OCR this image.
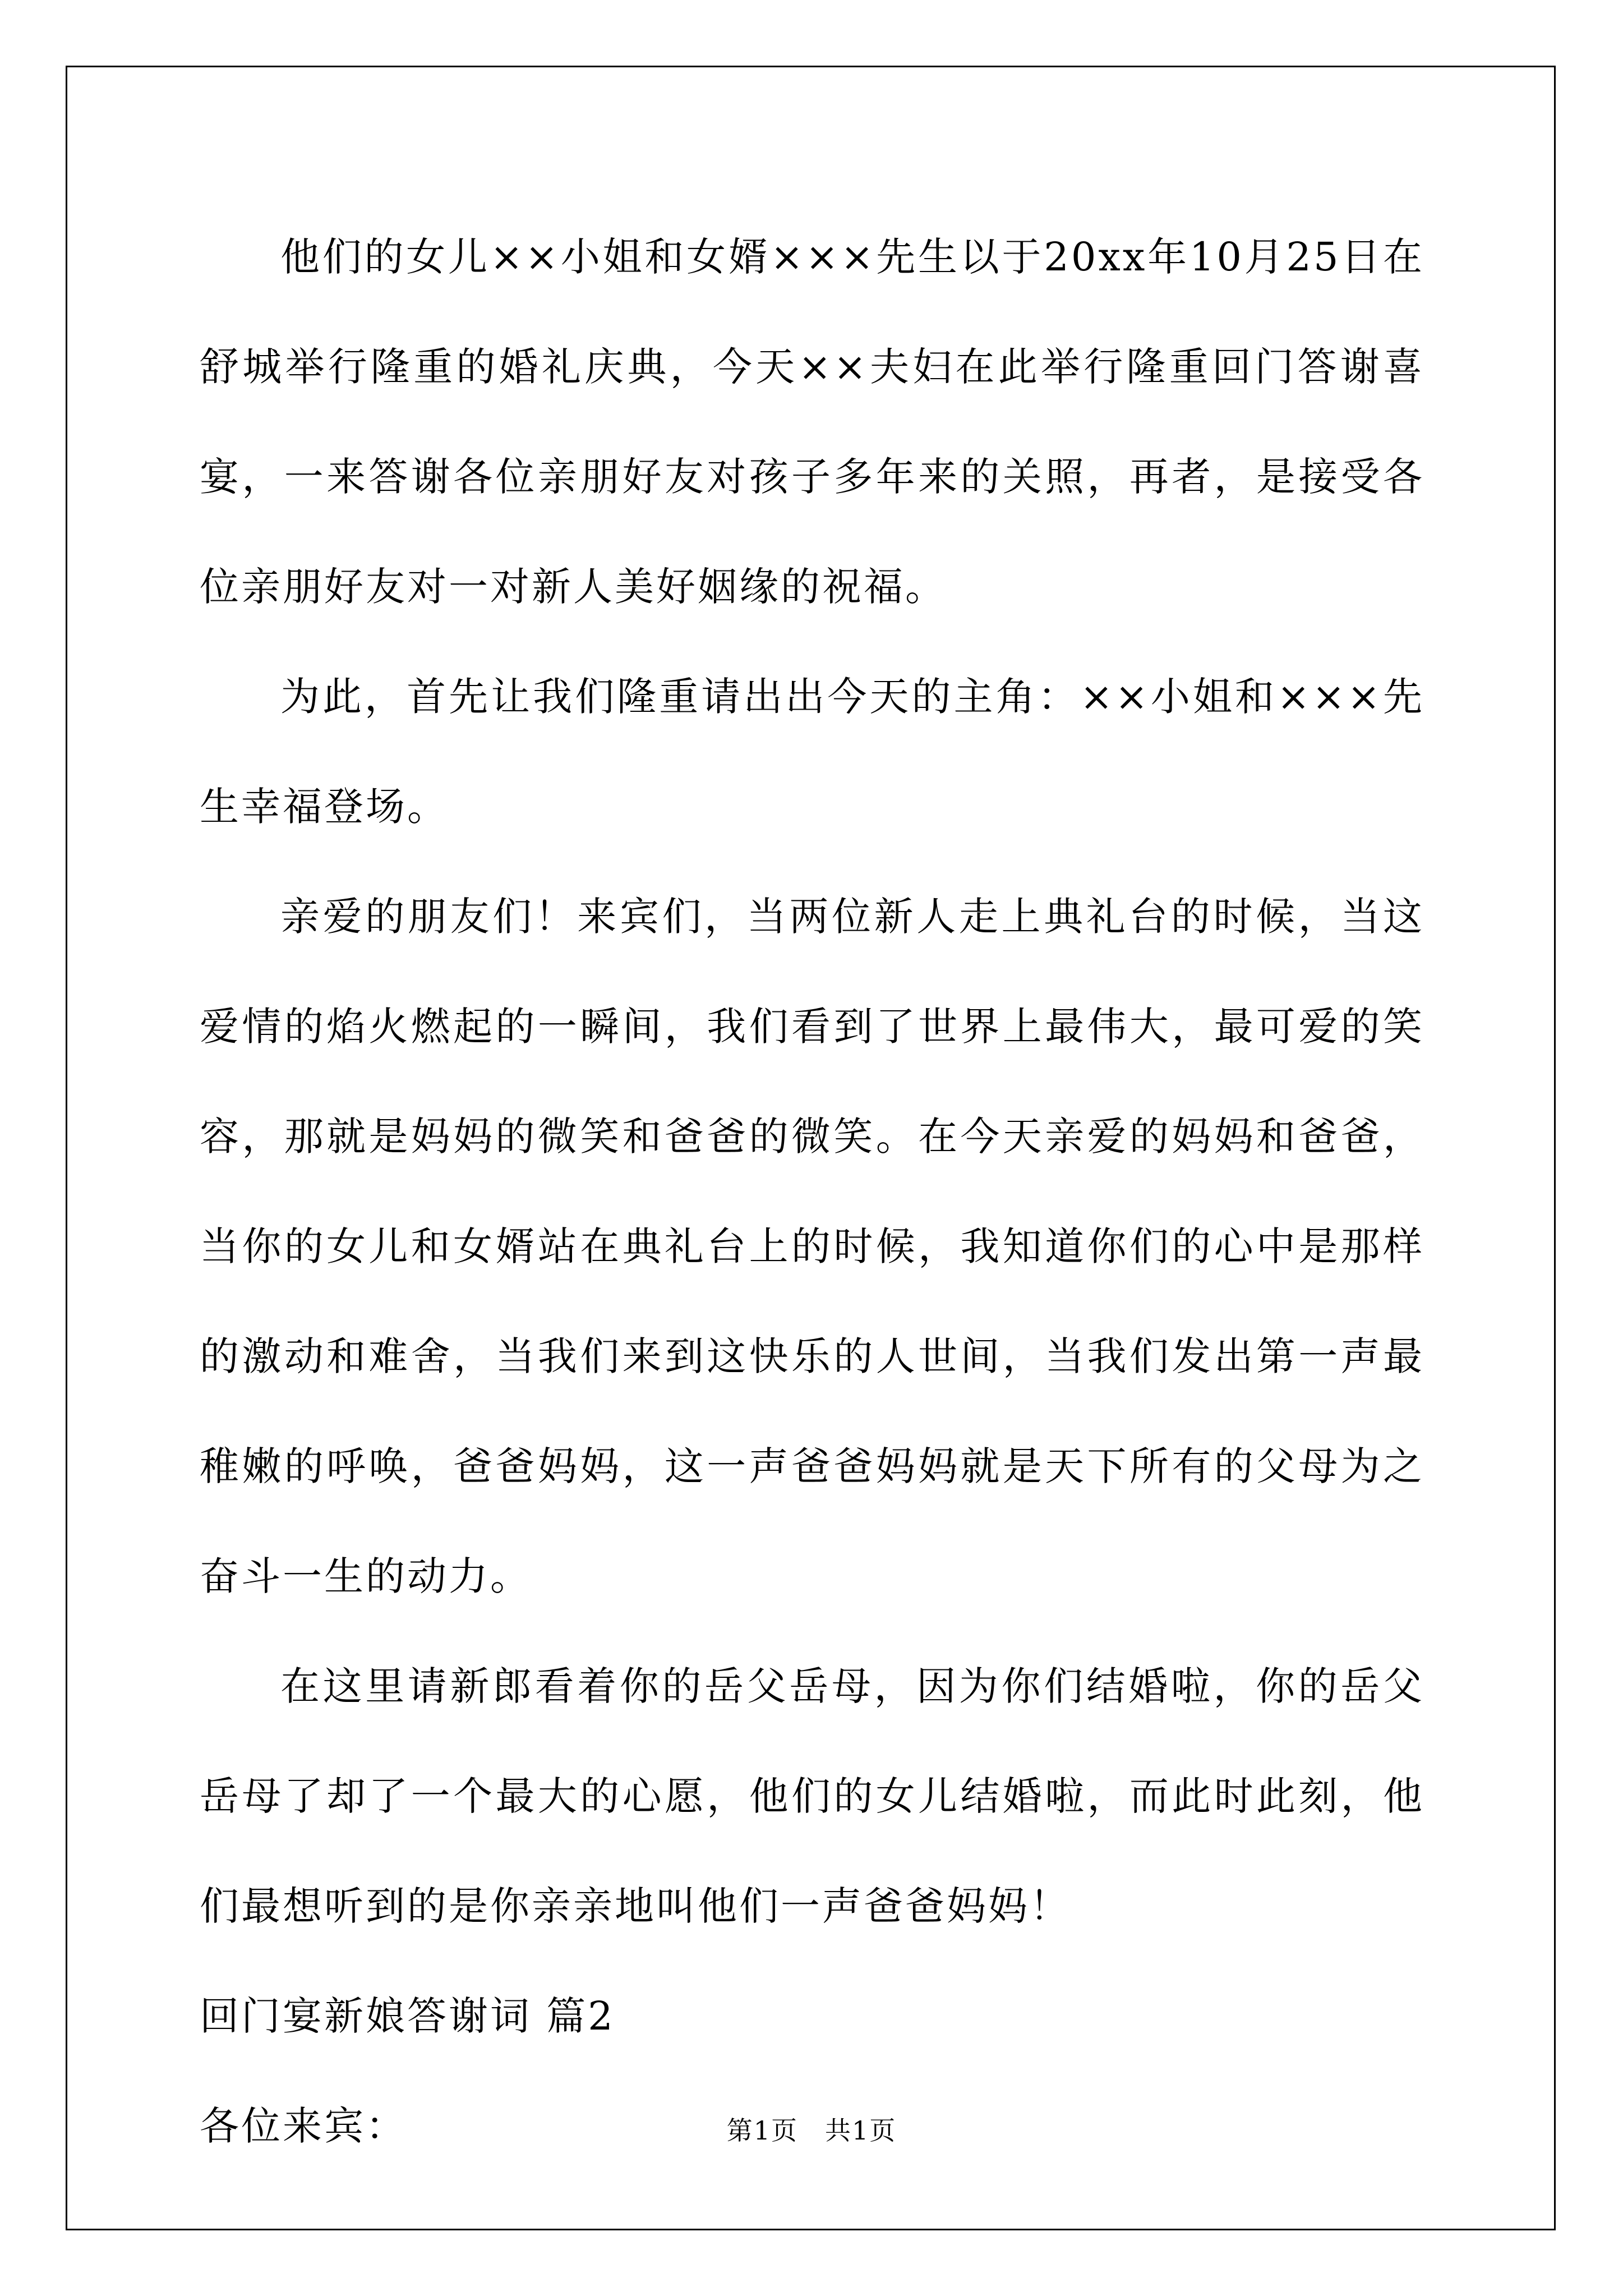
他们的女儿××小姐和女婿×××先生以于20xx年10月25日在舒城举行隆重的婚礼庆典，今天××夫妇在此举行隆重回门答谢喜宴，一来答谢各位亲朋好友对孩子多年来的关照，再者，是接受各位亲朋好友对一对新人美好姻缘的祝福。

为此，首先让我们隆重请出出今天的主角：××小姐和×××先生幸福登场。

亲爱的朋友们！来宾们，当两位新人走上典礼台的时候，当这爱情的焰火燃起的一瞬间，我们看到了世界上最伟大，最可爱的笑容，那就是妈妈的微笑和爸爸的微笑。在今天亲爱的妈妈和爸爸，当你的女儿和女婿站在典礼台上的时候，我知道你们的心中是那样的激动和难舍，当我们来到这快乐的人世间，当我们发出第一声最稚嫩的呼唤，爸爸妈妈，这一声爸爸妈妈就是天下所有的父母为之奋斗一生的动力。

在这里请新郎看着你的岳父岳母，因为你们结婚啦，你的岳父岳母了却了一个最大的心愿，他们的女儿结婚啦，而此时此刻，他们最想听到的是你亲亲地叫他们一声爸爸妈妈！

回门宴新娘答谢词 篇2

各位来宾：	第1页　共1页
